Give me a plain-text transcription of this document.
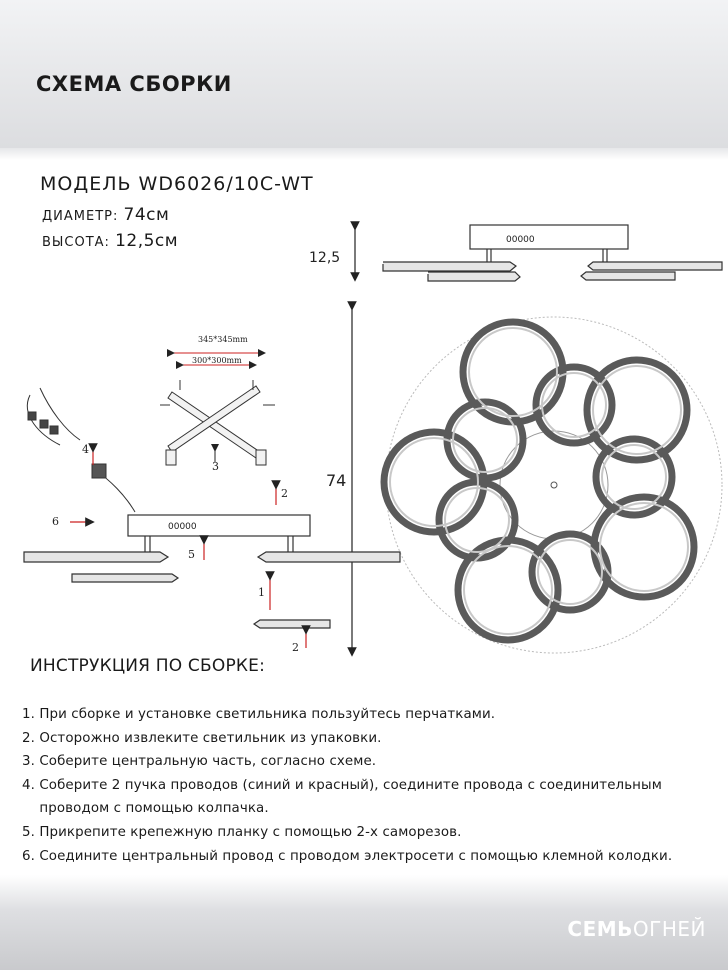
СХЕМА СБОРКИ
МОДЕЛЬ WD6026/10C-WT
ДИАМЕТР: 74см
ВЫСОТА: 12,5см
12,5
00000
74
345*345mm
300*300mm
00000
1
2
3
4
5
6
2
ИНСТРУКЦИЯ ПО СБОРКЕ:
1. При сборке и установке светильника пользуйтесь перчатками.
2. Осторожно извлеките светильник из упаковки.
3. Соберите центральную часть, согласно схеме.
4. Соберите 2 пучка проводов (синий и красный), соедините провода с соединительным
проводом с помощью колпачка.
5. Прикрепите крепежную планку с помощью 2-х саморезов.
6. Соедините центральный провод с проводом электросети с помощью клемной колодки.
СЕМЬОГНЕЙ
